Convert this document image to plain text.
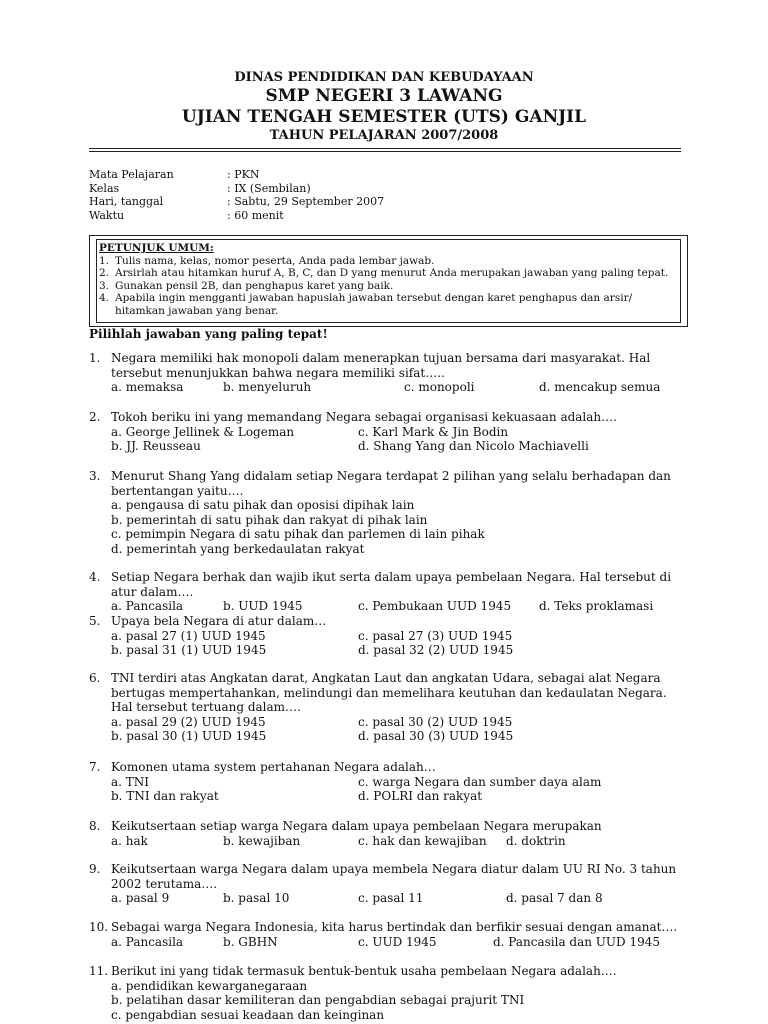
DINAS PENDIDIKAN DAN KEBUDAYAAN
SMP NEGERI 3 LAWANG
UJIAN TENGAH SEMESTER (UTS) GANJIL
TAHUN PELAJARAN 2007/2008
Mata Pelajaran	: PKN
Kelas	: IX (Sembilan)
Hari, tanggal	: Sabtu, 29 September 2007
Waktu	: 60 menit
PETUNJUK UMUM:
1. Tulis nama, kelas, nomor peserta, Anda pada lembar jawab.
2. Arsirlah atau hitamkan huruf A, B, C, dan D yang menurut Anda merupakan jawaban yang paling tepat.
3. Gunakan pensil 2B, dan penghapus karet yang baik.
4. Apabila ingin mengganti jawaban hapuslah jawaban tersebut dengan karet penghapus dan arsir/ hitamkan jawaban yang benar.
Pilihlah jawaban yang paling tepat!
1. Negara memiliki hak monopoli dalam menerapkan tujuan bersama dari masyarakat. Hal tersebut menunjukkan bahwa negara memiliki sifat…..
a. memaksa	b. menyeluruh	c. monopoli	d. mencakup semua
2. Tokoh beriku ini yang memandang Negara sebagai organisasi kekuasaan adalah….
a. George Jellinek & Logeman	c. Karl Mark & Jin Bodin
b. JJ. Reusseau	d. Shang Yang dan Nicolo Machiavelli
3. Menurut Shang Yang didalam setiap Negara terdapat 2 pilihan yang selalu berhadapan dan bertentangan yaitu….
a. pengausa di satu pihak dan oposisi dipihak lain
b. pemerintah di satu pihak dan rakyat di pihak lain
c. pemimpin Negara di satu pihak dan parlemen di lain pihak
d. pemerintah yang berkedaulatan rakyat
4. Setiap Negara berhak dan wajib ikut serta dalam upaya pembelaan Negara. Hal tersebut di atur dalam….
a. Pancasila	b. UUD 1945	c. Pembukaan UUD 1945 d. Teks proklamasi
5. Upaya bela Negara di atur dalam…
a. pasal 27 (1) UUD 1945	c. pasal 27 (3) UUD 1945
b. pasal 31 (1) UUD 1945	d. pasal 32 (2) UUD 1945
6. TNI terdiri atas Angkatan darat, Angkatan Laut dan angkatan Udara, sebagai alat Negara bertugas mempertahankan, melindungi dan memelihara keutuhan dan kedaulatan Negara. Hal tersebut tertuang dalam….
a. pasal 29 (2) UUD 1945	c. pasal 30 (2) UUD 1945
b. pasal 30 (1) UUD 1945	d. pasal 30 (3) UUD 1945
7. Komonen utama system pertahanan Negara adalah…
a. TNI	c. warga Negara dan sumber daya alam
b. TNI dan rakyat	d. POLRI dan rakyat
8. Keikutsertaan setiap warga Negara dalam upaya pembelaan Negara merupakan
a. hak	b. kewajiban	c. hak dan kewajiban d. doktrin
9. Keikutsertaan warga Negara dalam upaya membela Negara diatur dalam UU RI No. 3 tahun 2002 terutama….
a. pasal 9	b. pasal 10	c. pasal 11	d. pasal 7 dan 8
10. Sebagai warga Negara Indonesia, kita harus bertindak dan berfikir sesuai dengan amanat….
a. Pancasila	b. GBHN	c. UUD 1945	d. Pancasila dan UUD 1945
11. Berikut ini yang tidak termasuk bentuk-bentuk usaha pembelaan Negara adalah….
a. pendidikan kewarganegaraan
b. pelatihan dasar kemiliteran dan pengabdian sebagai prajurit TNI
c. pengabdian sesuai keadaan dan keinginan
